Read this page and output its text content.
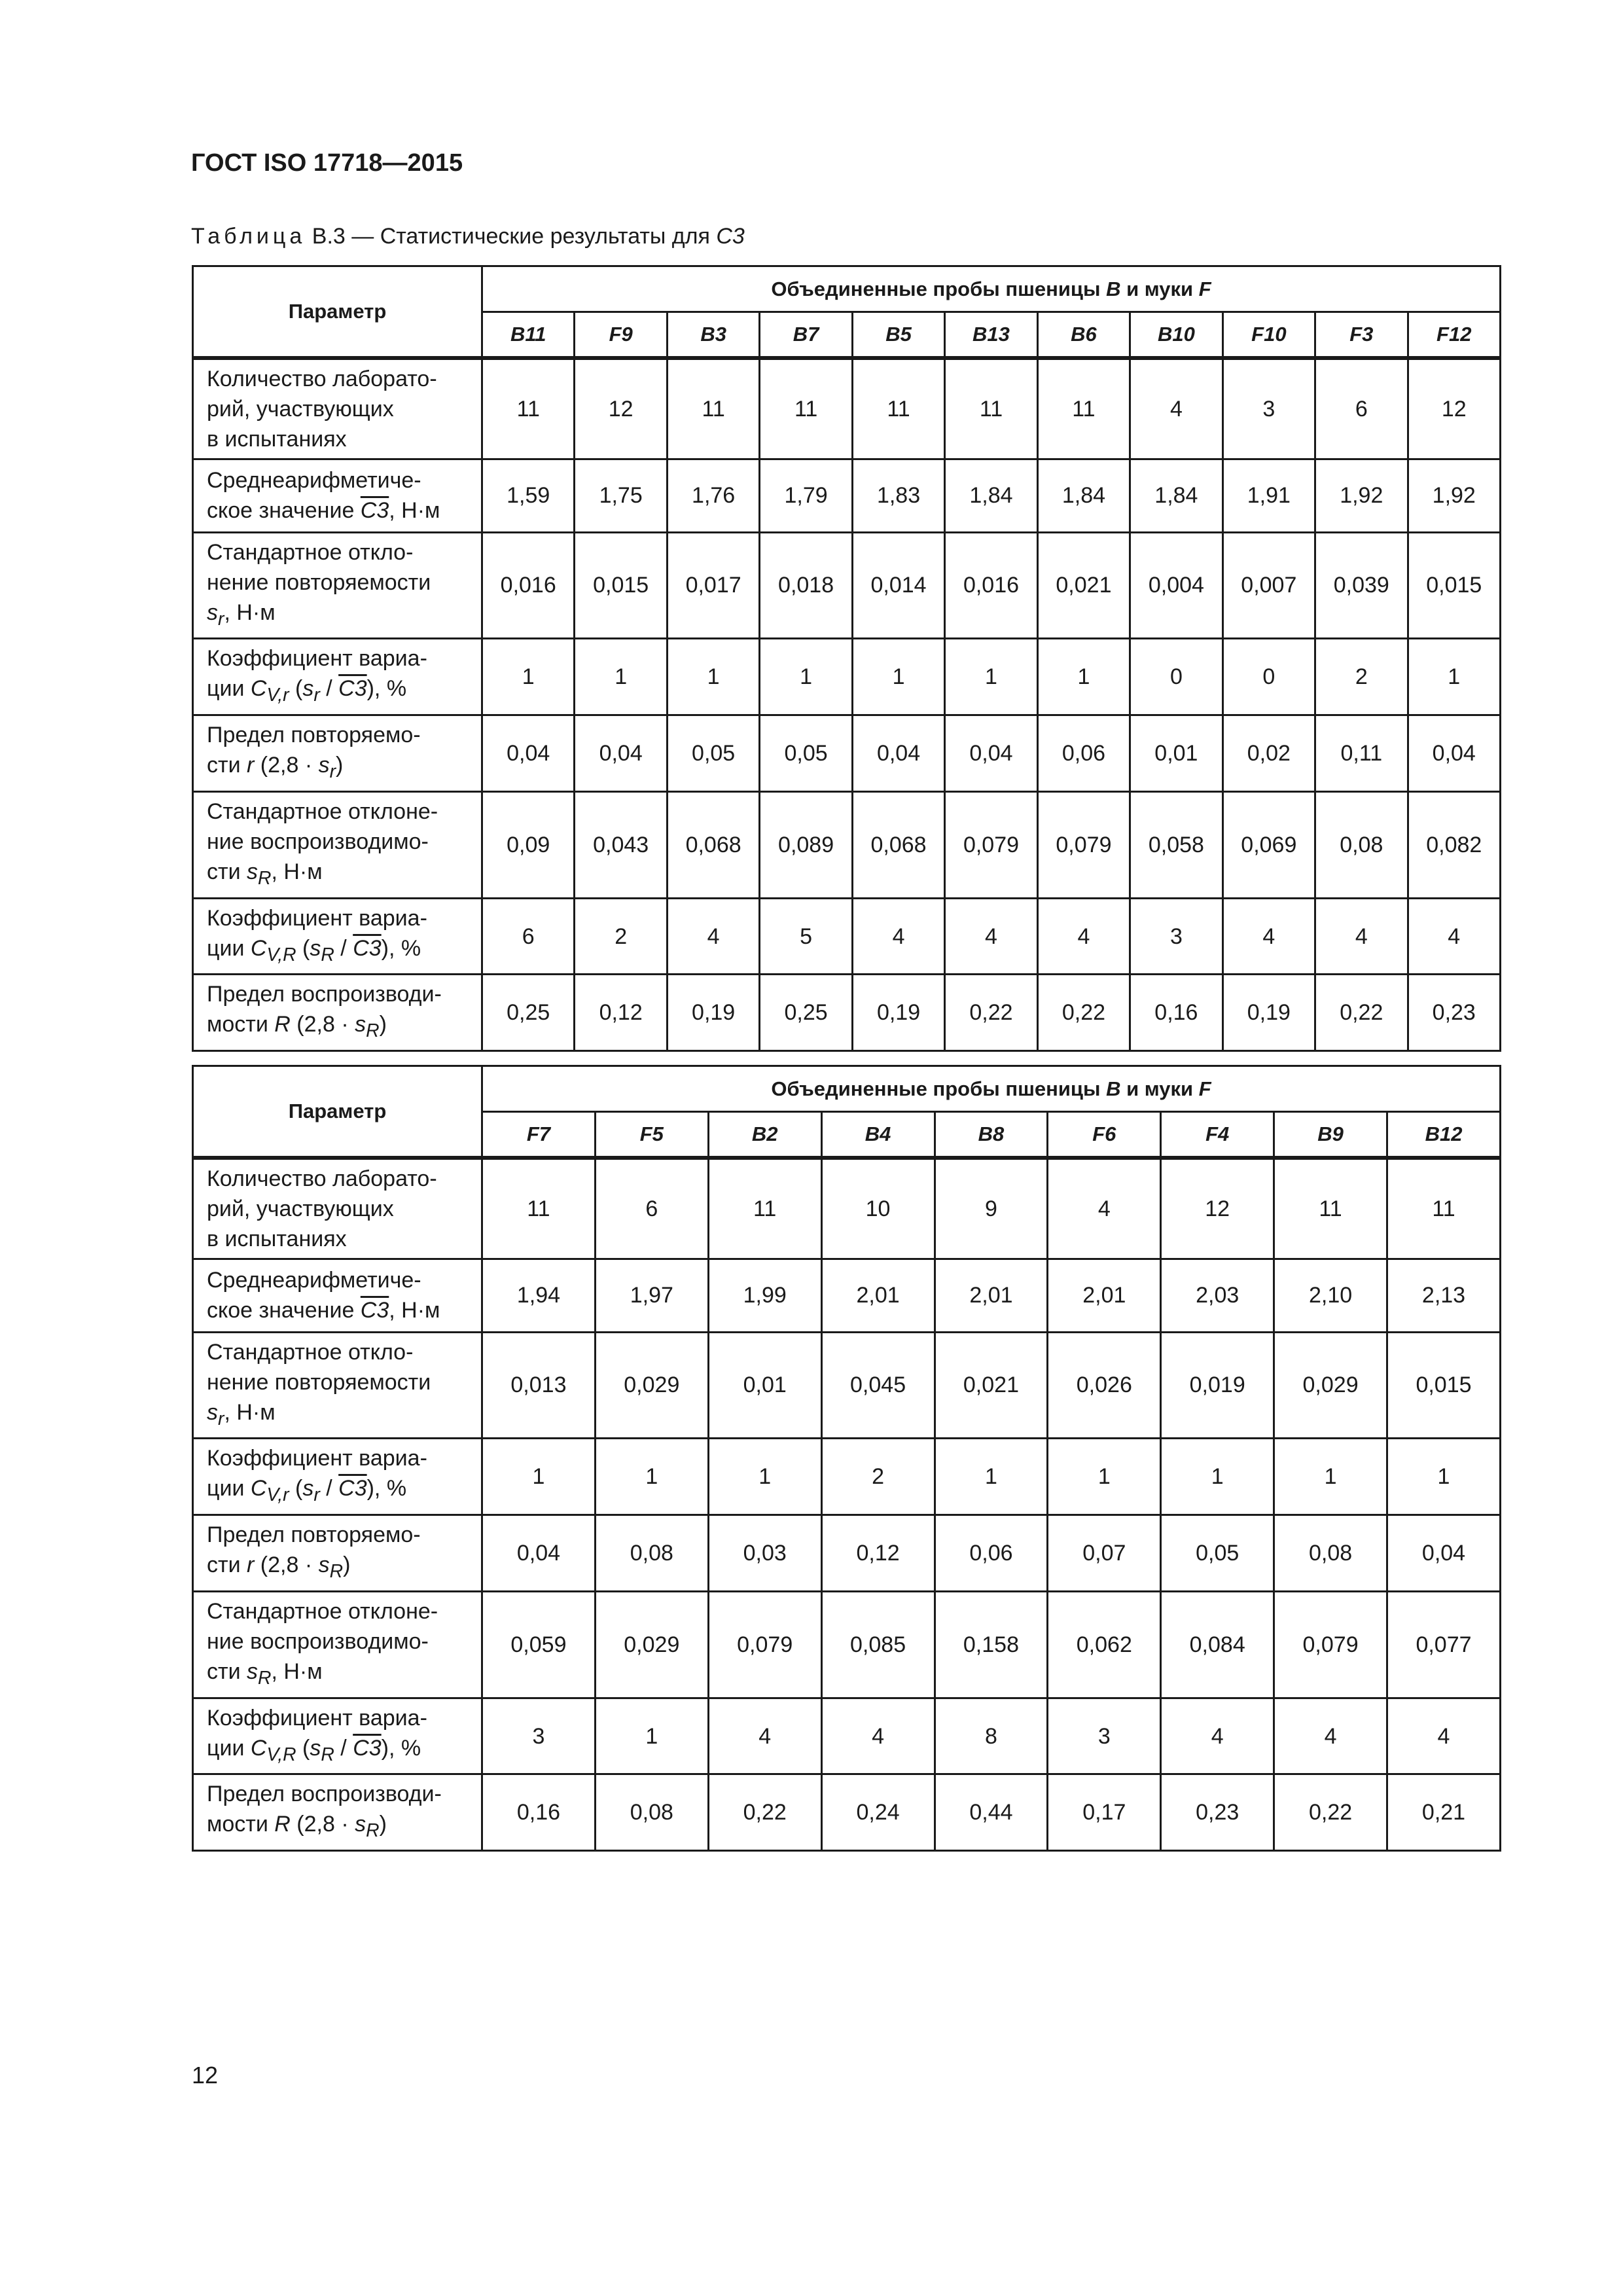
ГОСТ ISO 17718—2015

Таблица В.3 — Статистические результаты для C3
Параметр	Объединенные пробы пшеницы B и муки F										
	B11	F9	B3	B7	B5	B13	B6	B10	F10	F3	F12
Количество лаборато-
рий, участвующих
в испытаниях	11	12	11	11	11	11	11	4	3	6	12
Среднеарифметиче-
ское значение C3, Н·м	1,59	1,75	1,76	1,79	1,83	1,84	1,84	1,84	1,91	1,92	1,92
Стандартное откло-
нение повторяемости
$s_r$, Н·м	0,016	0,015	0,017	0,018	0,014	0,016	0,021	0,004	0,007	0,039	0,015
Коэффициент вариа-
ции $C_{V,r}$ $(s_r / C3)$, %	1	1	1	1	1	1	1	0	0	2	1
Предел повторяемо-
сти r $(2,8 \cdot s_r)$	0,04	0,04	0,05	0,05	0,04	0,04	0,06	0,01	0,02	0,11	0,04
Стандартное отклоне-
ние воспроизводимо-
сти $s_R$, Н·м	0,09	0,043	0,068	0,089	0,068	0,079	0,079	0,058	0,069	0,08	0,082
Коэффициент вариа-
ции $C_{V,R}$ $(s_R / C3)$, %	6	2	4	5	4	4	4	3	4	4	4
Предел воспроизводи-
мости R $(2,8 \cdot s_R)$	0,25	0,12	0,19	0,25	0,19	0,22	0,22	0,16	0,19	0,22	0,23
Параметр	Объединенные пробы пшеницы B и муки F								
	F7	F5	B2	B4	B8	F6	F4	B9	B12
Количество лаборато-
рий, участвующих
в испытаниях	11	6	11	10	9	4	12	11	11
Среднеарифметиче-
ское значение C3, Н·м	1,94	1,97	1,99	2,01	2,01	2,01	2,03	2,10	2,13
Стандартное откло-
нение повторяемости
$s_r$, Н·м	0,013	0,029	0,01	0,045	0,021	0,026	0,019	0,029	0,015
Коэффициент вариа-
ции $C_{V,r}$ $(s_r / C3)$, %	1	1	1	2	1	1	1	1	1
Предел повторяемо-
сти r $(2,8 \cdot s_R)$	0,04	0,08	0,03	0,12	0,06	0,07	0,05	0,08	0,04
Стандартное отклоне-
ние воспроизводимо-
сти $s_R$, Н·м	0,059	0,029	0,079	0,085	0,158	0,062	0,084	0,079	0,077
Коэффициент вариа-
ции $C_{V,R}$ $(s_R / C3)$, %	3	1	4	4	8	3	4	4	4
Предел воспроизводи-
мости R $(2,8 \cdot s_R)$	0,16	0,08	0,22	0,24	0,44	0,17	0,23	0,22	0,21
12
